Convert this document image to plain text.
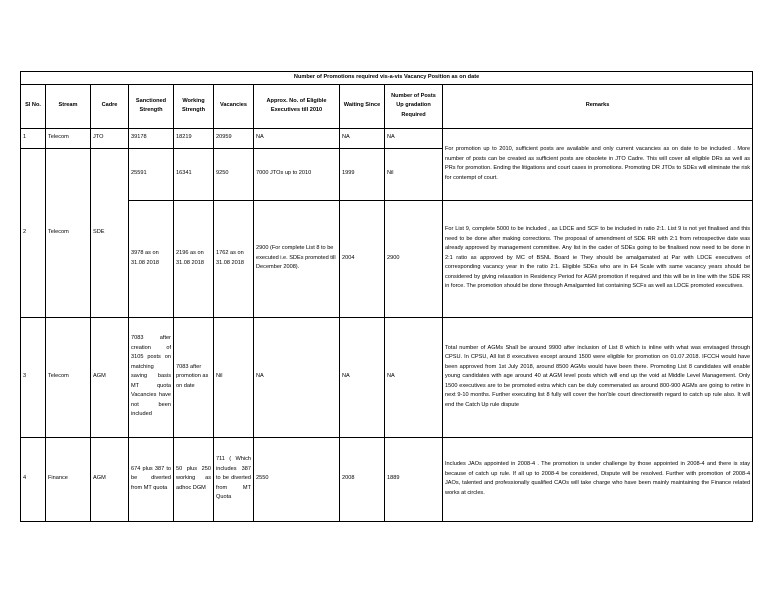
Number of Promotions required vis-a-vis Vacancy Position as on date									
Sl No.	Stream	Cadre	Sanctioned Strength	Working Strength	Vacancies	Approx. No. of Eligible Executives till 2010	Waiting Since	Number of Posts Up gradation Required	Remarks
1	Telecom	JTO	39178	18219	20959	NA	NA	NA	For promotion up to 2010, sufficient posts are available and only current vacancies as on date to be included . More number of posts can be created as sufficient posts are obsolete in JTO Cadre. This will cover all eligible DRs as well as PRs for promotion. Ending the litigations and court cases in promotions. Promoting DR JTOs to SDEs will eliminate the risk for contempt of court.
2	Telecom	SDE	25591	16341	9250	7000 JTOs up to 2010	1999	Nil	
			3978 as on 31.08 2018	2196 as on 31.08 2018	1762 as on 31.08 2018	2900 (For complete List 8 to be executed i.e. SDEs promoted till December 2008).	2004	2900	For List 9, complete 5000 to be included , as LDCE and SCF to be included in ratio 2:1. List 9 is not yet finalised and this need to be done after making corrections. The proposal of amendment of SDE RR with 2:1 from retrospective date was already approved by management committee. Any list in the cader of SDEs going to be finalised now need to be done in 2:1 ratio as approved by MC of BSNL Board ie They should be amalgamated at Par with LDCE executives of corresponding vacancy year in the ratio 2:1. Eligible SDEs who are in E4 Scale with same vacancy years should be considered by giving relaxation in Residency Period for AGM promotion if required and this will be in line with the SDE RR in force. The promotion should be done through Amalgamted list containing SCFs as well as LDCE promoted executives.
3	Telecom	AGM	7083 after creation of 3105 posts on matching saving basis MT quota Vacancies have not been included	7083 after promotion as on date	Nil	NA	NA	NA	Total number of AGMs Shall be around 9900 after inclusion of List 8 which is inline with what was envisaged through CPSU. In CPSU, All list 8 executives except around 1500 were eligible for promotion on 01.07.2018. IFCCH would have been approved from 1st July 2018, around 8500 AGMs would have been there. Promoting List 8 candidates will enable young candidates with age around 40 at AGM level posts which will end up the void at Middle Level Management. Only 1500 executives are to be promoted extra which can be duly commenated as around 800-900 AGMs are going to retire in next 9-10 months. Further executing list 8 fully will cover the hon'ble court directionwith regard to catch up rule also. It will end the Catch Up rule dispute
4	Finance	AGM	674 plus 387 to be diverted from MT quota	50 plus 250 working as adhoc DGM	711 ( Which includes 387 to be diverted from MT Quota	2550	2008	1889	Includes JAOs appointed in 2008-4 . The promotion is under challenge by those appointed in 2008-4 and there is stay because of catch up rule. If all up to 2008-4 be considered, Dispute will be resolved. Further with promotion of 2008-4 JAOs, talented and professionally qualified CAOs will take charge who have been mainly maintaining the Finance related works at circles.
